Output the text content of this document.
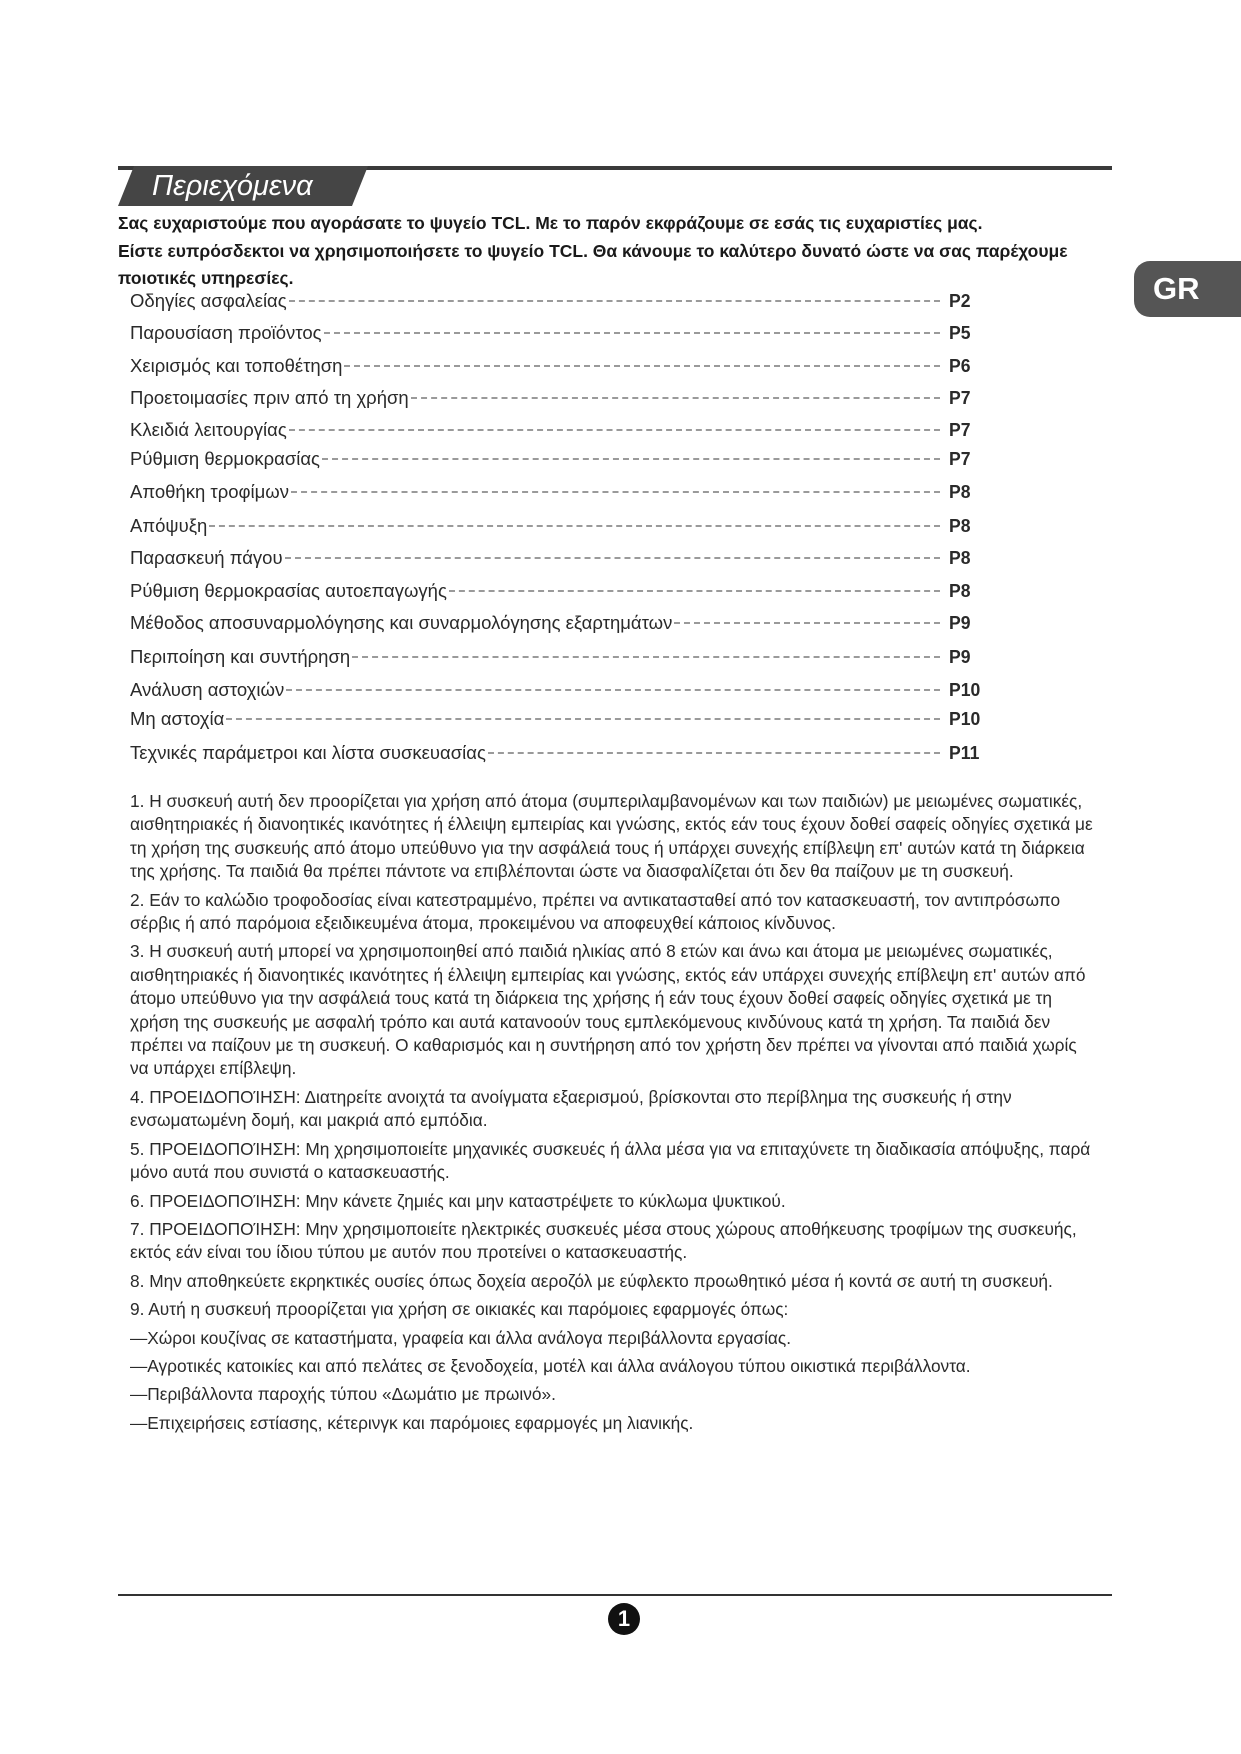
Περιεχόμενα
GR

Σας ευχαριστούμε που αγοράσατε το ψυγείο TCL. Με το παρόν εκφράζουμε σε εσάς τις ευχαριστίες μας.

Είστε ευπρόσδεκτοι να χρησιμοποιήσετε το ψυγείο TCL. Θα κάνουμε το καλύτερο δυνατό ώστε να σας παρέχουμε ποιοτικές υπηρεσίες.

Οδηγίες ασφαλείας	P2
Παρουσίαση προϊόντος	P5
Χειρισμός και τοποθέτηση	P6
Προετοιμασίες πριν από τη χρήση	P7
Κλειδιά λειτουργίας	P7
Ρύθμιση θερμοκρασίας	P7
Αποθήκη τροφίμων	P8
Απόψυξη	P8
Παρασκευή πάγου	P8
Ρύθμιση θερμοκρασίας αυτοεπαγωγής	P8
Μέθοδος αποσυναρμολόγησης και συναρμολόγησης εξαρτημάτων	P9
Περιποίηση και συντήρηση	P9
Ανάλυση αστοχιών	P10
Μη αστοχία	P10
Τεχνικές παράμετροι και λίστα συσκευασίας	P11

1. Η συσκευή αυτή δεν προορίζεται για χρήση από άτομα (συμπεριλαμβανομένων και των παιδιών) με μειωμένες σωματικές, αισθητηριακές ή διανοητικές ικανότητες ή έλλειψη εμπειρίας και γνώσης, εκτός εάν τους έχουν δοθεί σαφείς οδηγίες σχετικά με τη χρήση της συσκευής από άτομο υπεύθυνο για την ασφάλειά τους ή υπάρχει συνεχής επίβλεψη επ' αυτών κατά τη διάρκεια της χρήσης. Τα παιδιά θα πρέπει πάντοτε να επιβλέπονται ώστε να διασφαλίζεται ότι δεν θα παίζουν με τη συσκευή.

2. Εάν το καλώδιο τροφοδοσίας είναι κατεστραμμένο, πρέπει να αντικατασταθεί από τον κατασκευαστή, τον αντιπρόσωπο σέρβις ή από παρόμοια εξειδικευμένα άτομα, προκειμένου να αποφευχθεί κάποιος κίνδυνος.

3. Η συσκευή αυτή μπορεί να χρησιμοποιηθεί από παιδιά ηλικίας από 8 ετών και άνω και άτομα με μειωμένες σωματικές, αισθητηριακές ή διανοητικές ικανότητες ή έλλειψη εμπειρίας και γνώσης, εκτός εάν υπάρχει συνεχής επίβλεψη επ' αυτών από άτομο υπεύθυνο για την ασφάλειά τους κατά τη διάρκεια της χρήσης ή εάν τους έχουν δοθεί σαφείς οδηγίες σχετικά με τη χρήση της συσκευής με ασφαλή τρόπο και αυτά κατανοούν τους εμπλεκόμενους κινδύνους κατά τη χρήση. Τα παιδιά δεν πρέπει να παίζουν με τη συσκευή. Ο καθαρισμός και η συντήρηση από τον χρήστη δεν πρέπει να γίνονται από παιδιά χωρίς να υπάρχει επίβλεψη.

4. ΠΡΟΕΙΔΟΠΟΊΗΣΗ: Διατηρείτε ανοιχτά τα ανοίγματα εξαερισμού, βρίσκονται στο περίβλημα της συσκευής ή στην ενσωματωμένη δομή, και μακριά από εμπόδια.

5. ΠΡΟΕΙΔΟΠΟΊΗΣΗ: Μη χρησιμοποιείτε μηχανικές συσκευές ή άλλα μέσα για να επιταχύνετε τη διαδικασία απόψυξης, παρά μόνο αυτά που συνιστά ο κατασκευαστής.

6. ΠΡΟΕΙΔΟΠΟΊΗΣΗ: Μην κάνετε ζημιές και μην καταστρέψετε το κύκλωμα ψυκτικού.

7. ΠΡΟΕΙΔΟΠΟΊΗΣΗ: Μην χρησιμοποιείτε ηλεκτρικές συσκευές μέσα στους χώρους αποθήκευσης τροφίμων της συσκευής, εκτός εάν είναι του ίδιου τύπου με αυτόν που προτείνει ο κατασκευαστής.

8. Μην αποθηκεύετε εκρηκτικές ουσίες όπως δοχεία αεροζόλ με εύφλεκτο προωθητικό μέσα ή κοντά σε αυτή τη συσκευή.

9. Αυτή η συσκευή προορίζεται για χρήση σε οικιακές και παρόμοιες εφαρμογές όπως:

—Χώροι κουζίνας σε καταστήματα, γραφεία και άλλα ανάλογα περιβάλλοντα εργασίας.

—Αγροτικές κατοικίες και από πελάτες σε ξενοδοχεία, μοτέλ και άλλα ανάλογου τύπου οικιστικά περιβάλλοντα.

—Περιβάλλοντα παροχής τύπου «Δωμάτιο με πρωινό».

—Επιχειρήσεις εστίασης, κέτερινγκ και παρόμοιες εφαρμογές μη λιανικής.

1
